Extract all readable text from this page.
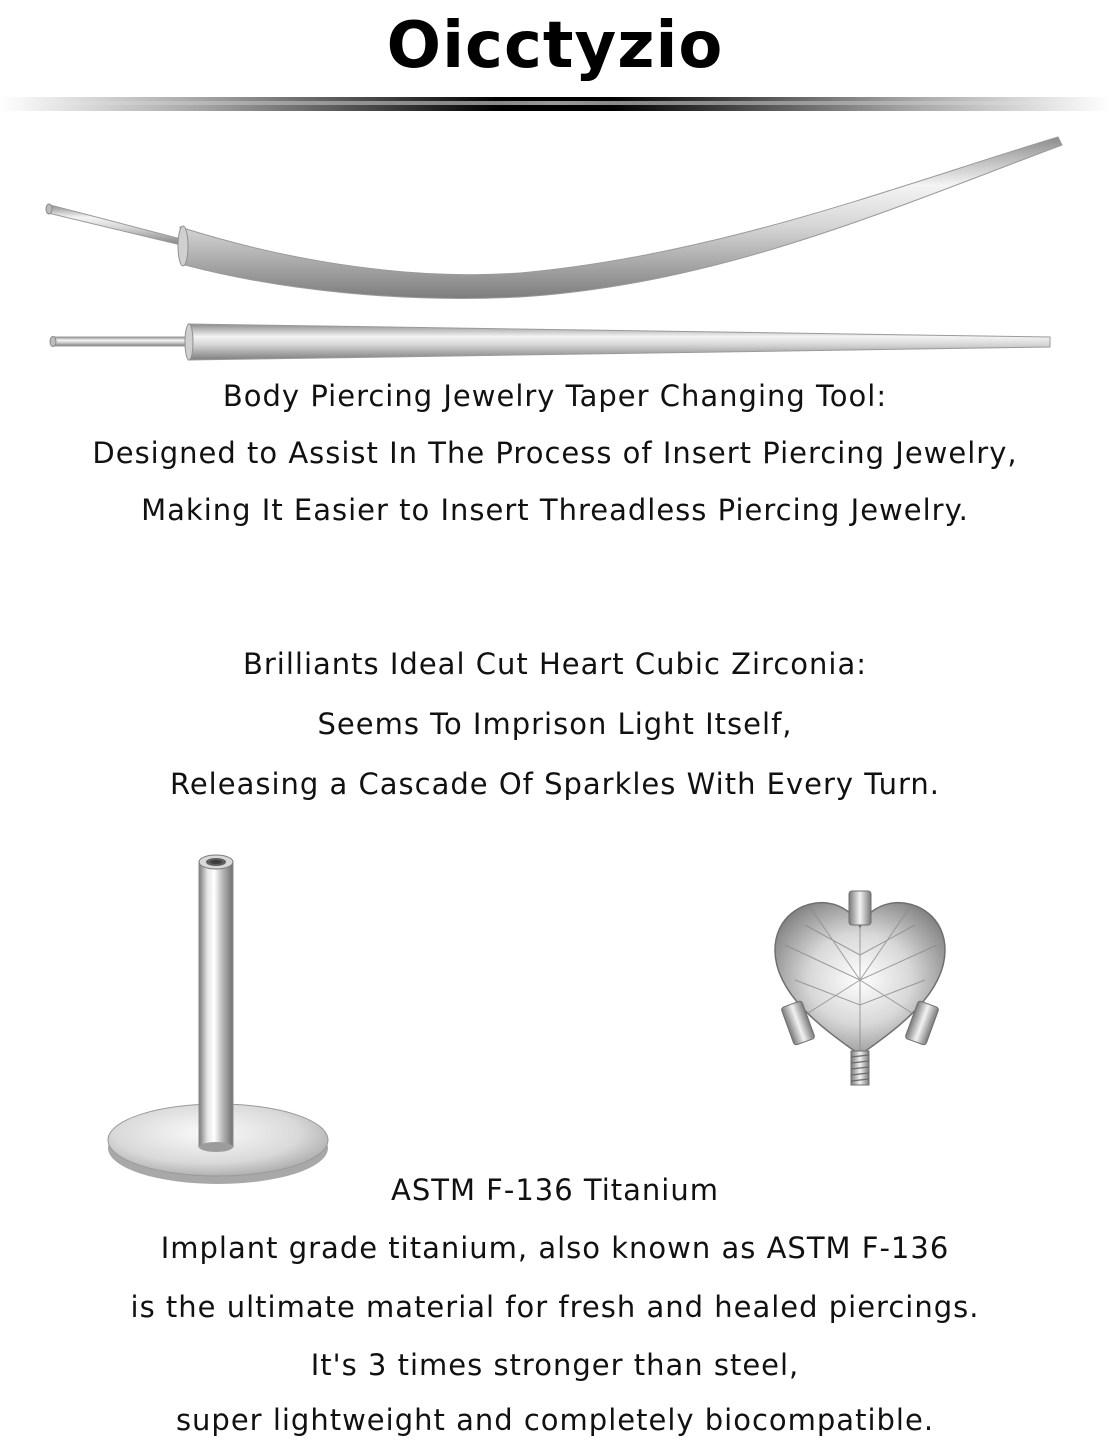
Oicctyzio
Body Piercing Jewelry Taper Changing Tool:
Designed to Assist In The Process of Insert Piercing Jewelry,
Making It Easier to Insert Threadless Piercing Jewelry.
Brilliants Ideal Cut Heart Cubic Zirconia:
Seems To Imprison Light Itself,
Releasing a Cascade Of Sparkles With Every Turn.
ASTM F-136 Titanium
Implant grade titanium, also known as ASTM F-136
is the ultimate material for fresh and healed piercings.
It's 3 times stronger than steel,
super lightweight and completely biocompatible.
